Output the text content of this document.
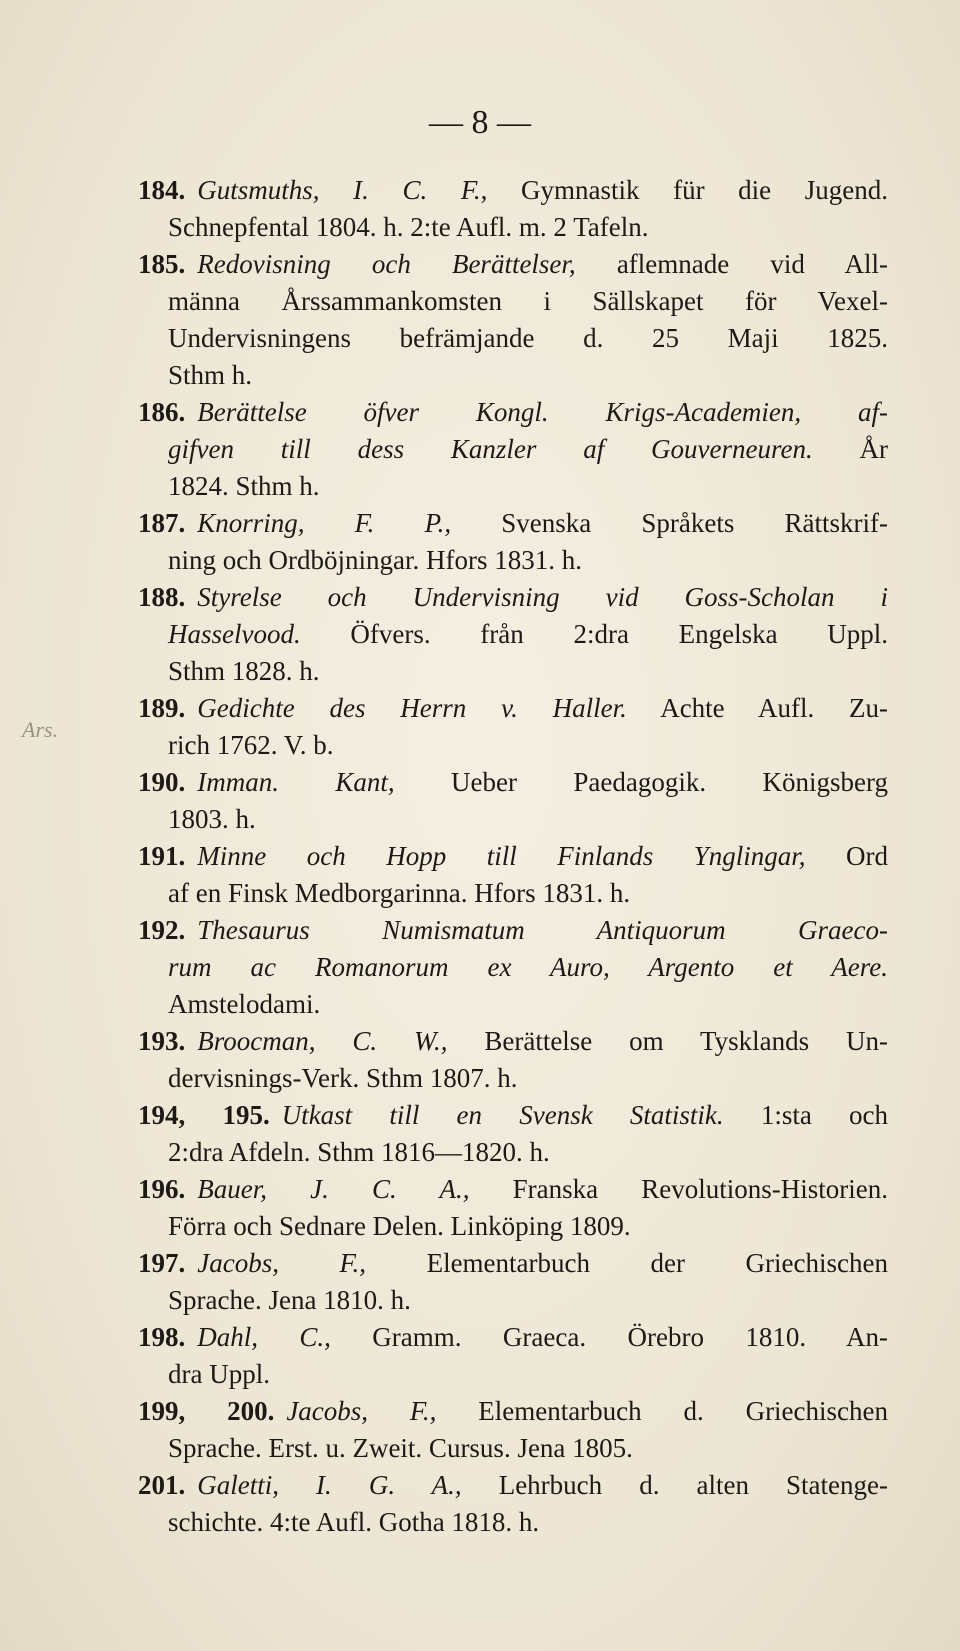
— 8 —
Ars.
184. Gutsmuths, I. C. F., Gymnastik für die Jugend.
Schnepfental 1804. h. 2:te Aufl. m. 2 Tafeln.
185. Redovisning och Berättelser, aflemnade vid All-
männa Årssammankomsten i Sällskapet för Vexel-
Undervisningens befrämjande d. 25 Maji 1825.
Sthm h.
186. Berättelse öfver Kongl. Krigs-Academien, af-
gifven till dess Kanzler af Gouverneuren. År
1824. Sthm h.
187. Knorring, F. P., Svenska Språkets Rättskrif-
ning och Ordböjningar. Hfors 1831. h.
188. Styrelse och Undervisning vid Goss-Scholan i
Hasselvood. Öfvers. från 2:dra Engelska Uppl.
Sthm 1828. h.
189. Gedichte des Herrn v. Haller. Achte Aufl. Zu-
rich 1762. V. b.
190. Imman. Kant, Ueber Paedagogik. Königsberg
1803. h.
191. Minne och Hopp till Finlands Ynglingar, Ord
af en Finsk Medborgarinna. Hfors 1831. h.
192. Thesaurus Numismatum Antiquorum Graeco-
rum ac Romanorum ex Auro, Argento et Aere.
Amstelodami.
193. Broocman, C. W., Berättelse om Tysklands Un-
dervisnings-Verk. Sthm 1807. h.
194, 195. Utkast till en Svensk Statistik. 1:sta och
2:dra Afdeln. Sthm 1816—1820. h.
196. Bauer, J. C. A., Franska Revolutions-Historien.
Förra och Sednare Delen. Linköping 1809.
197. Jacobs, F., Elementarbuch der Griechischen
Sprache. Jena 1810. h.
198. Dahl, C., Gramm. Graeca. Örebro 1810. An-
dra Uppl.
199, 200. Jacobs, F., Elementarbuch d. Griechischen
Sprache. Erst. u. Zweit. Cursus. Jena 1805.
201. Galetti, I. G. A., Lehrbuch d. alten Statenge-
schichte. 4:te Aufl. Gotha 1818. h.
